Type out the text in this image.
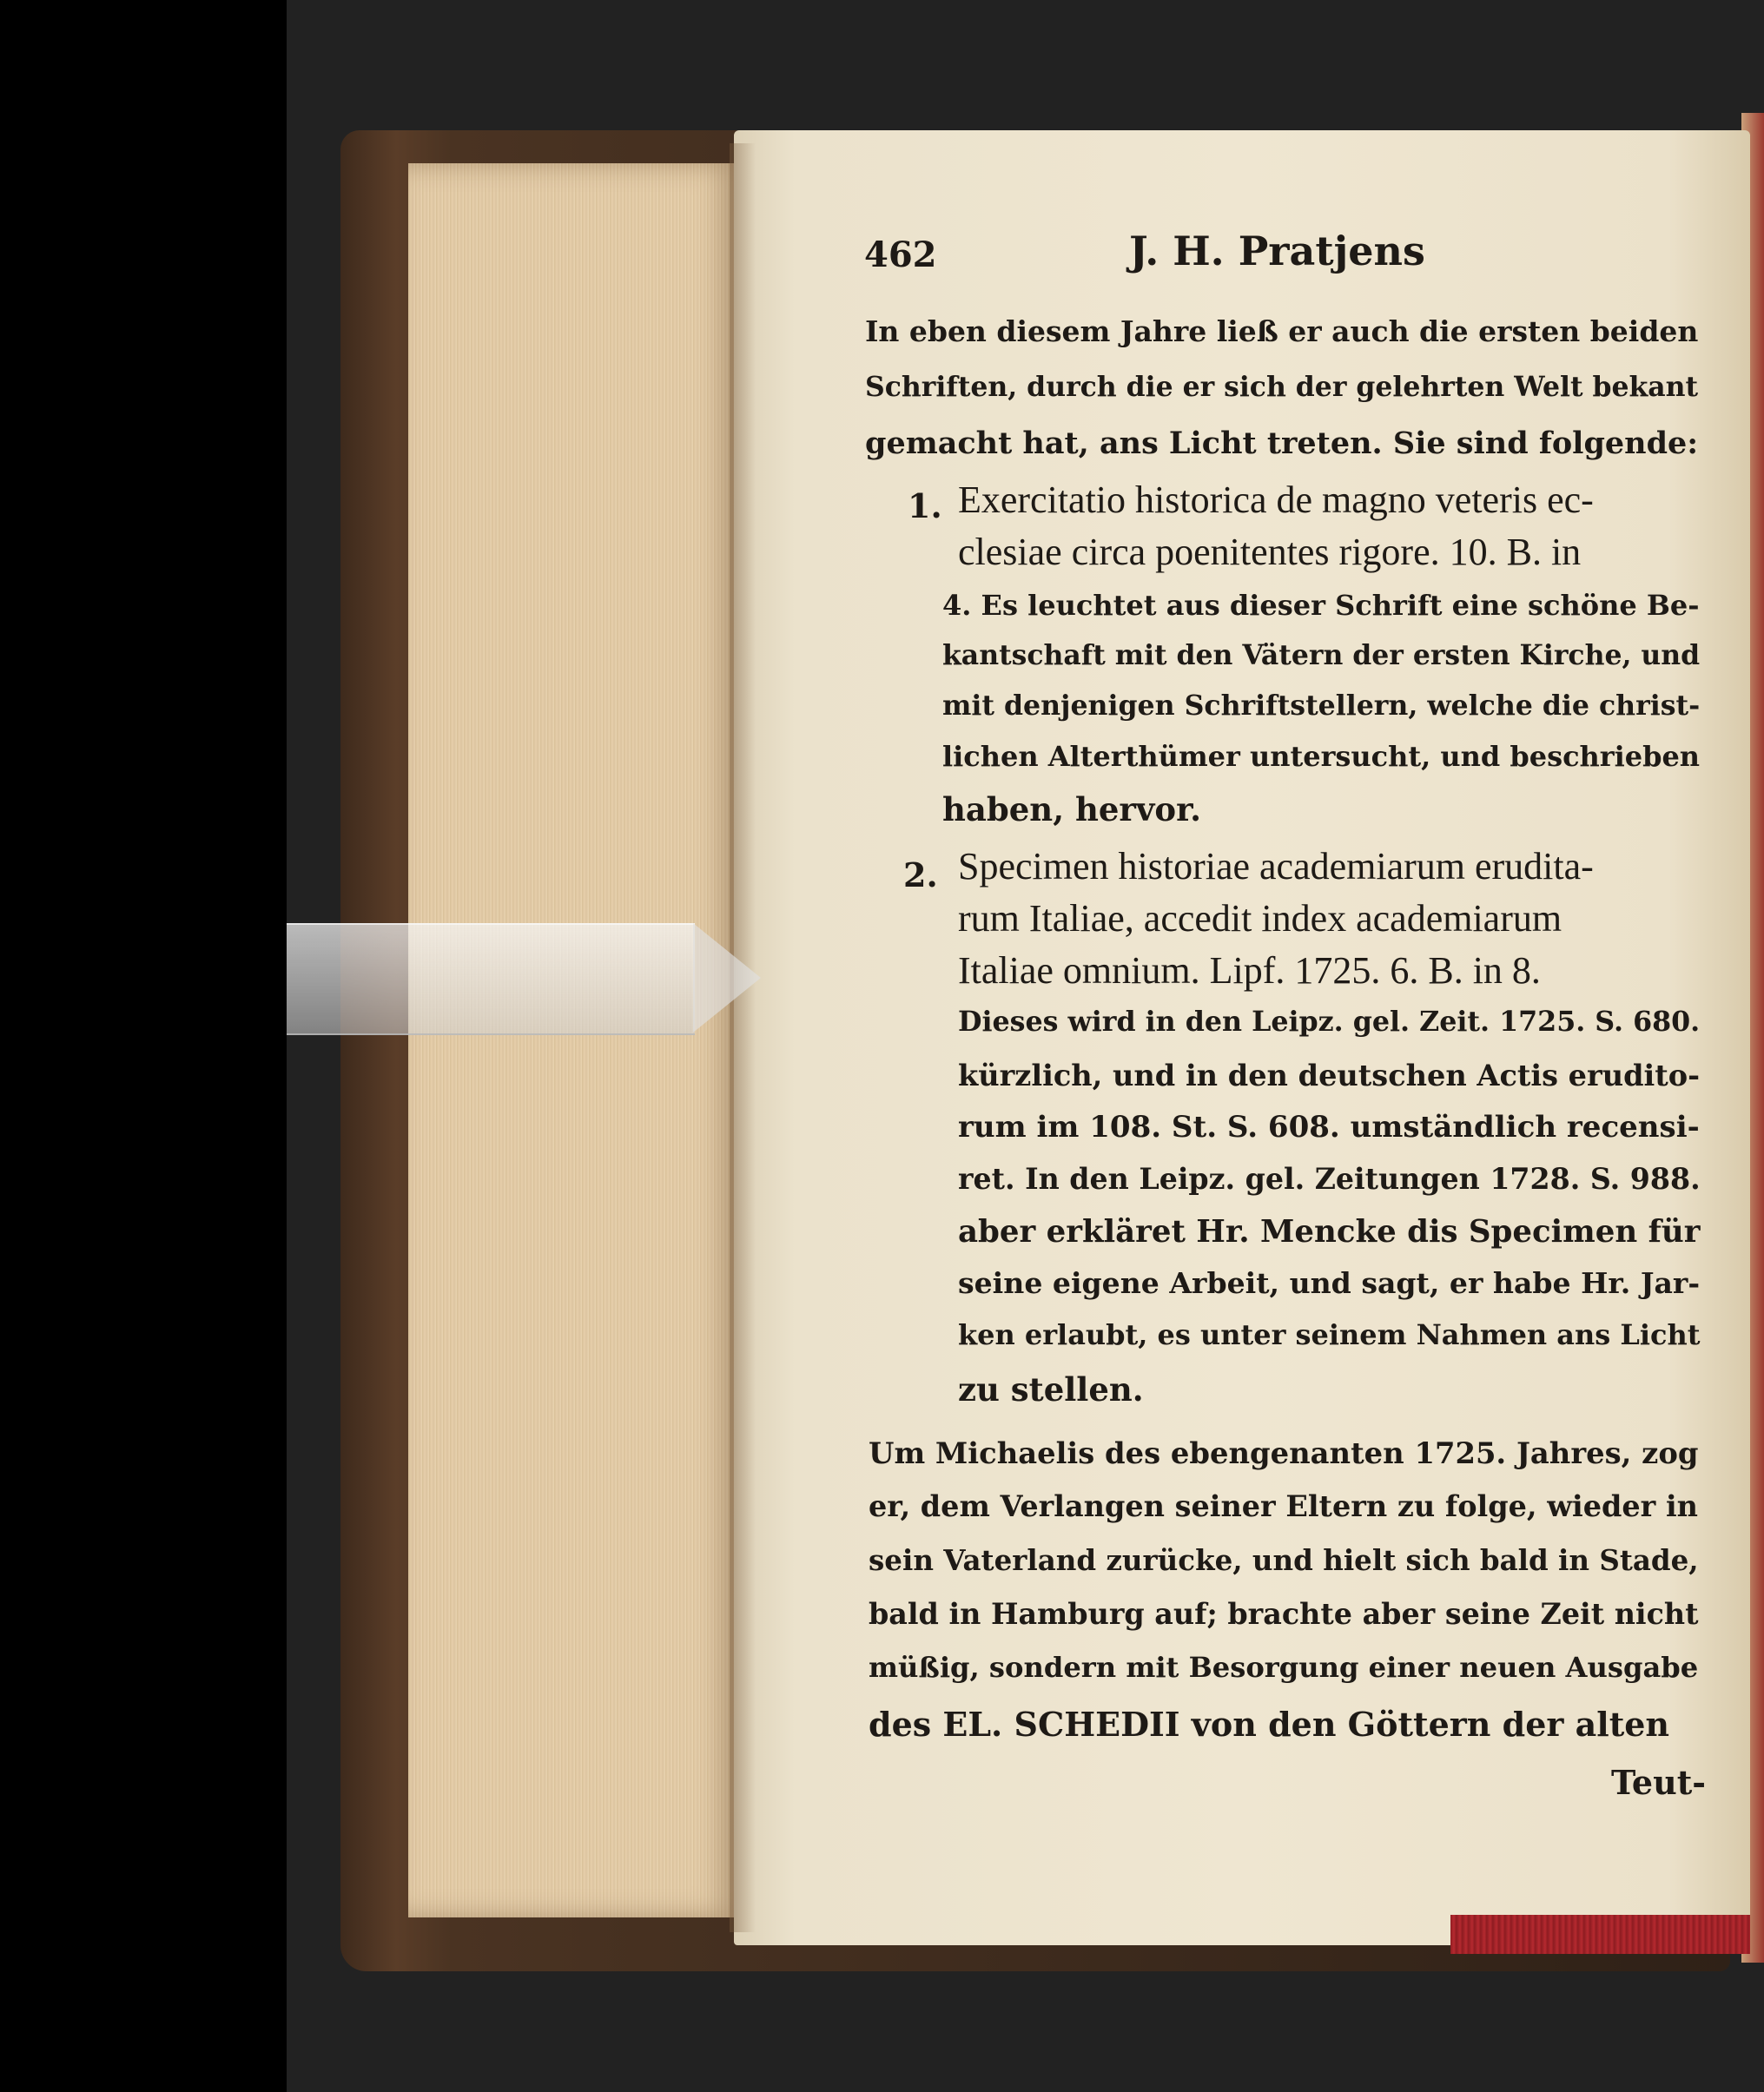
462	J. H. Pratjens

In eben diesem Jahre ließ er auch die ersten beiden

Schriften, durch die er sich der gelehrten Welt bekant

gemacht hat, ans Licht treten. Sie sind folgende:

1. Exercitatio historica de magno veteris ec-

clesiae circa poenitentes rigore. 10. B. in

4. Es leuchtet aus dieser Schrift eine schöne Be-

kantschaft mit den Vätern der ersten Kirche, und

mit denjenigen Schriftstellern, welche die christ-

lichen Alterthümer untersucht, und beschrieben

haben, hervor.

2. Specimen historiae academiarum erudita-

rum Italiae, accedit index academiarum

Italiae omnium. Lipf. 1725. 6. B. in 8.

Dieses wird in den Leipz. gel. Zeit. 1725. S. 680.

kürzlich, und in den deutschen Actis erudito-

rum im 108. St. S. 608. umständlich recensi-

ret. In den Leipz. gel. Zeitungen 1728. S. 988.

aber erkläret Hr. Mencke dis Specimen für

seine eigene Arbeit, und sagt, er habe Hr. Jar-

ken erlaubt, es unter seinem Nahmen ans Licht

zu stellen.

Um Michaelis des ebengenanten 1725. Jahres, zog

er, dem Verlangen seiner Eltern zu folge, wieder in

sein Vaterland zurücke, und hielt sich bald in Stade,

bald in Hamburg auf; brachte aber seine Zeit nicht

müßig, sondern mit Besorgung einer neuen Ausgabe

des EL. SCHEDII von den Göttern der alten

Teut-
